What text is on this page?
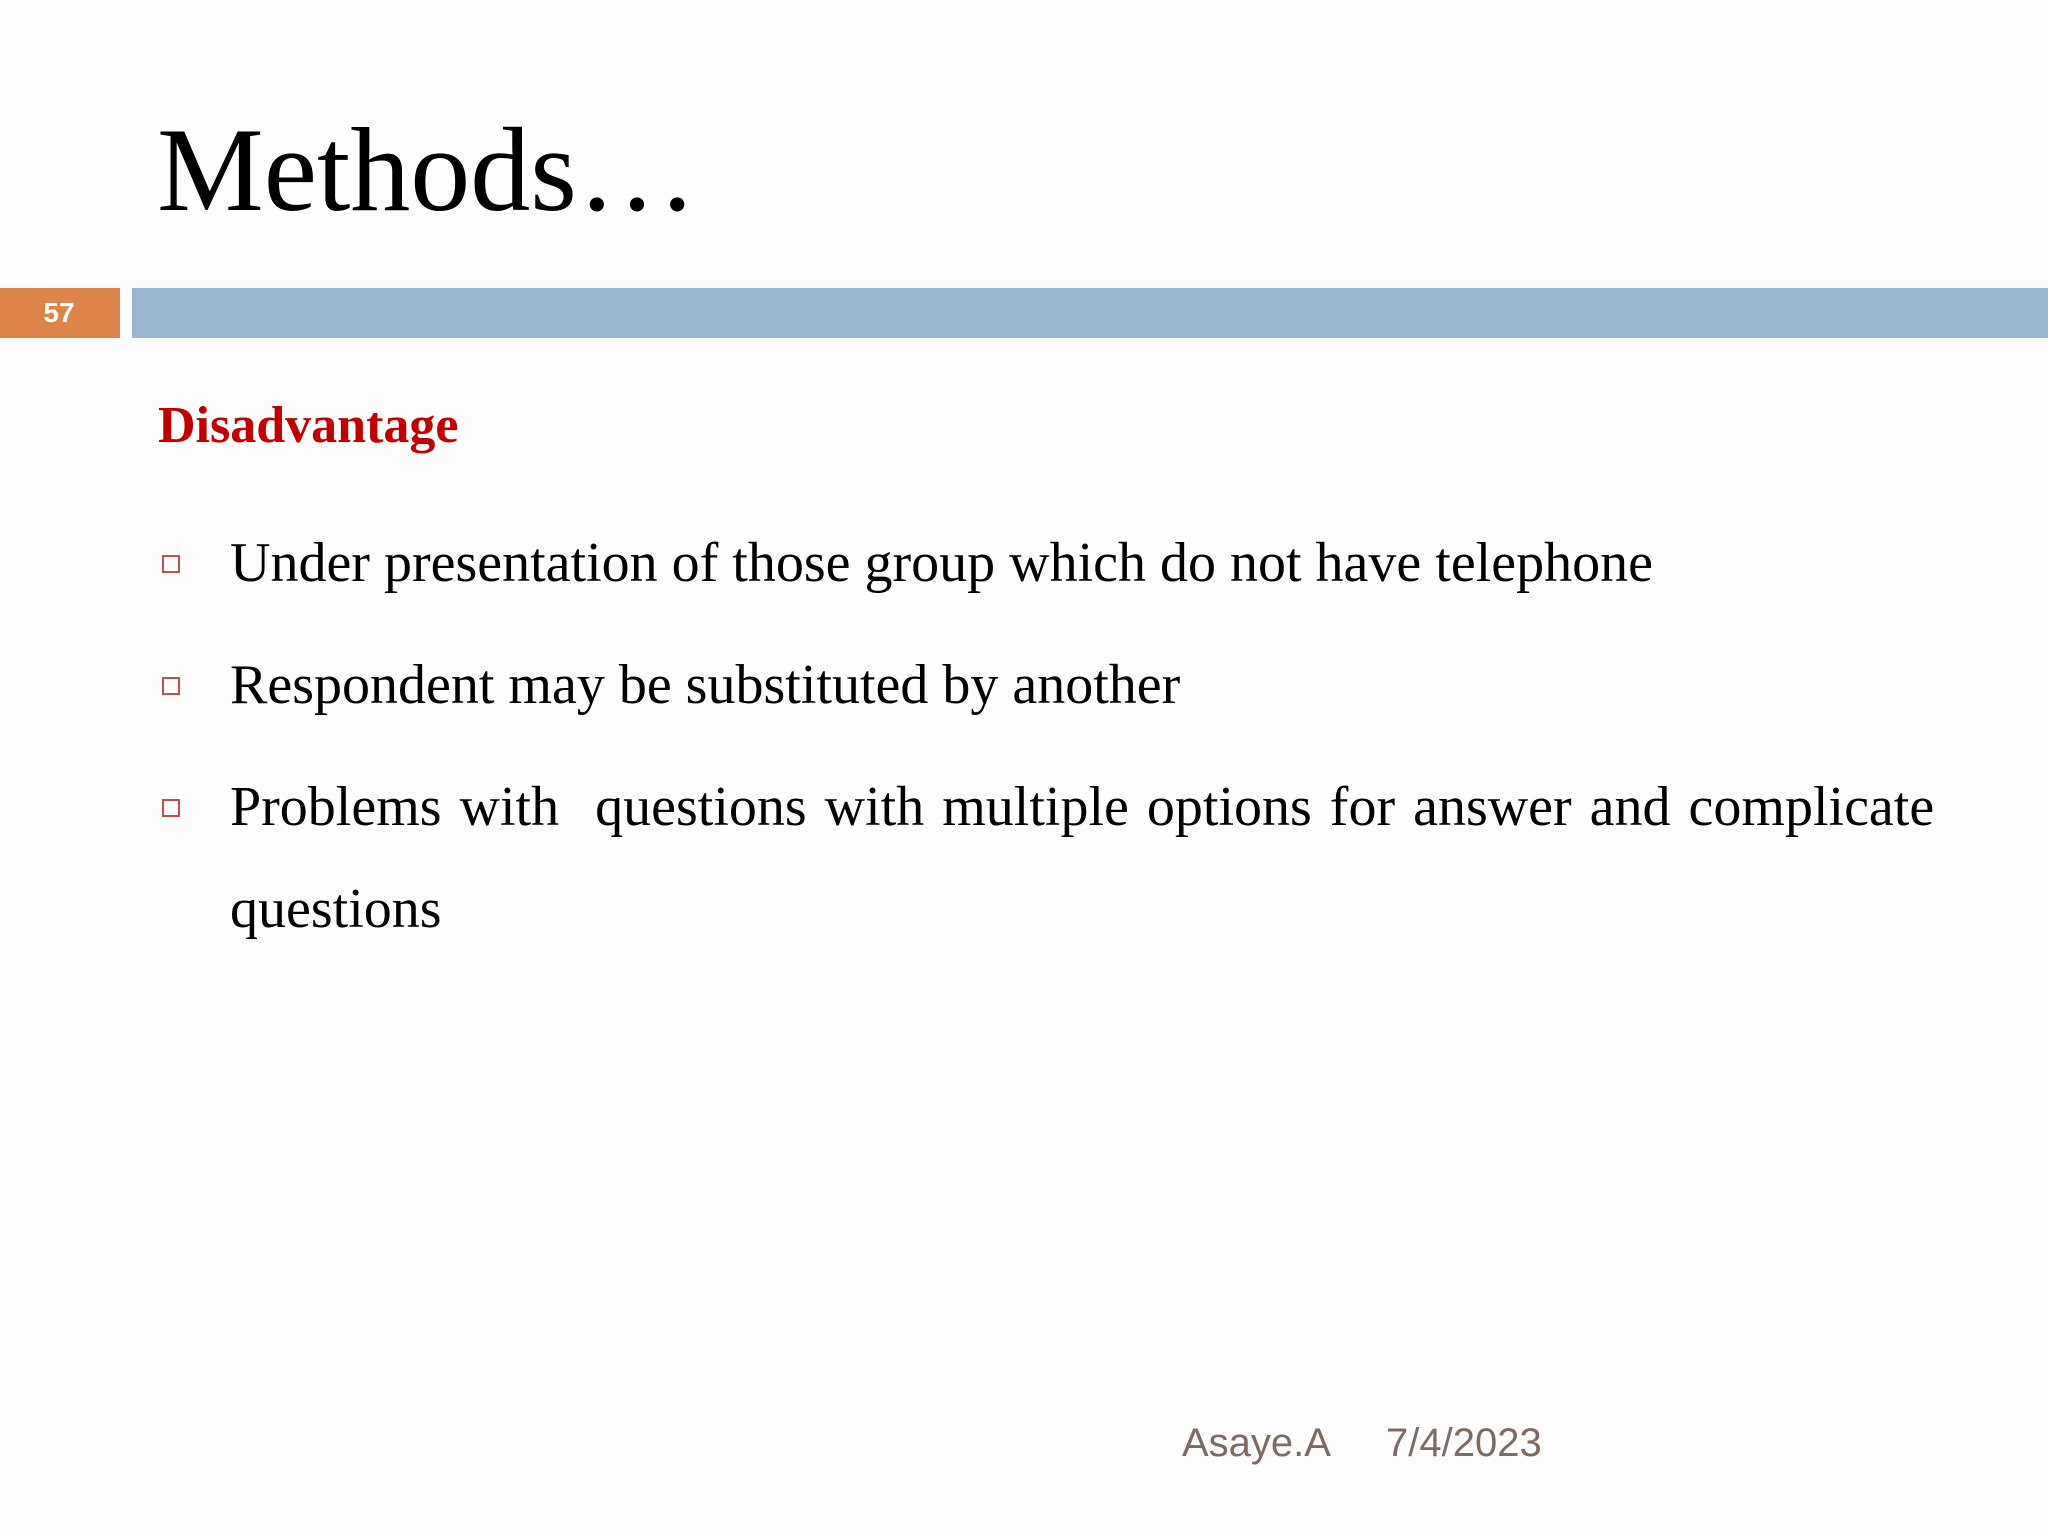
Methods…
57
Disadvantage
Under presentation of those group which do not have telephone
Respondent may be substituted by another
Problems with  questions with multiple options for answer and complicate questions
Asaye.A 7/4/2023
